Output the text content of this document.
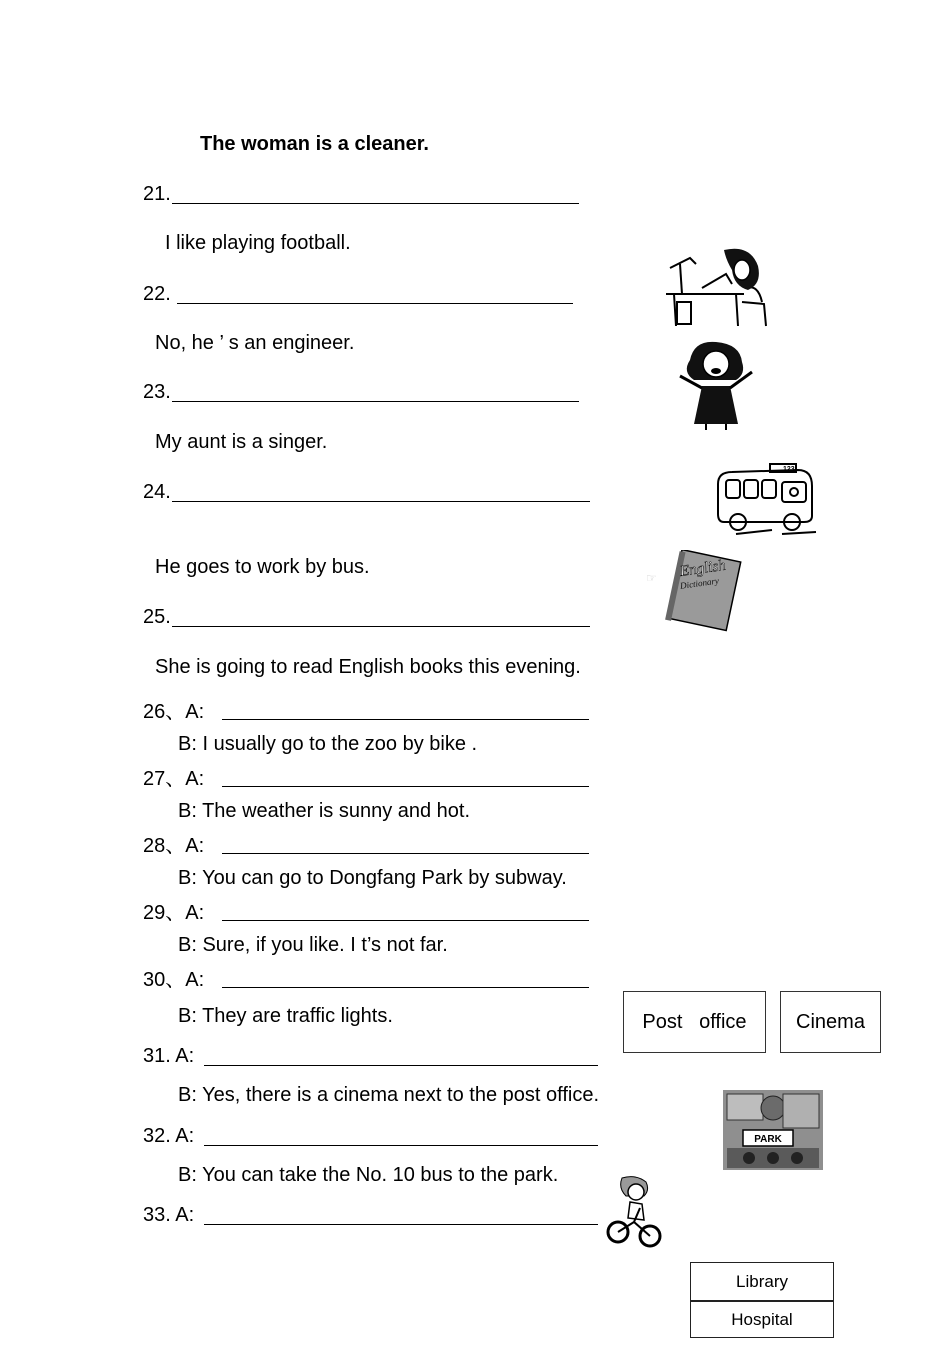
The woman is a cleaner.
21.
I like playing football.
22.
No, he ’ s an engineer.
23.
My aunt is a singer.
24.
He goes to work by bus.
25.
She is going to read English books this evening.
26、A:
B: I usually go to the zoo by bike .
27、A:
B: The weather is sunny and hot.
28、A:
B: You can go to Dongfang Park by subway.
29、A:
B: Sure, if you like. I t’s not far.
30、A:
B: They are traffic lights.
31. A:
B: Yes, there is a cinema next to the post office.
32. A:
B: You can take the No. 10 bus to the park.
33. A:
Post   office Cinema
Library
Hospital
123
☞ English
Dictionary
PARK
